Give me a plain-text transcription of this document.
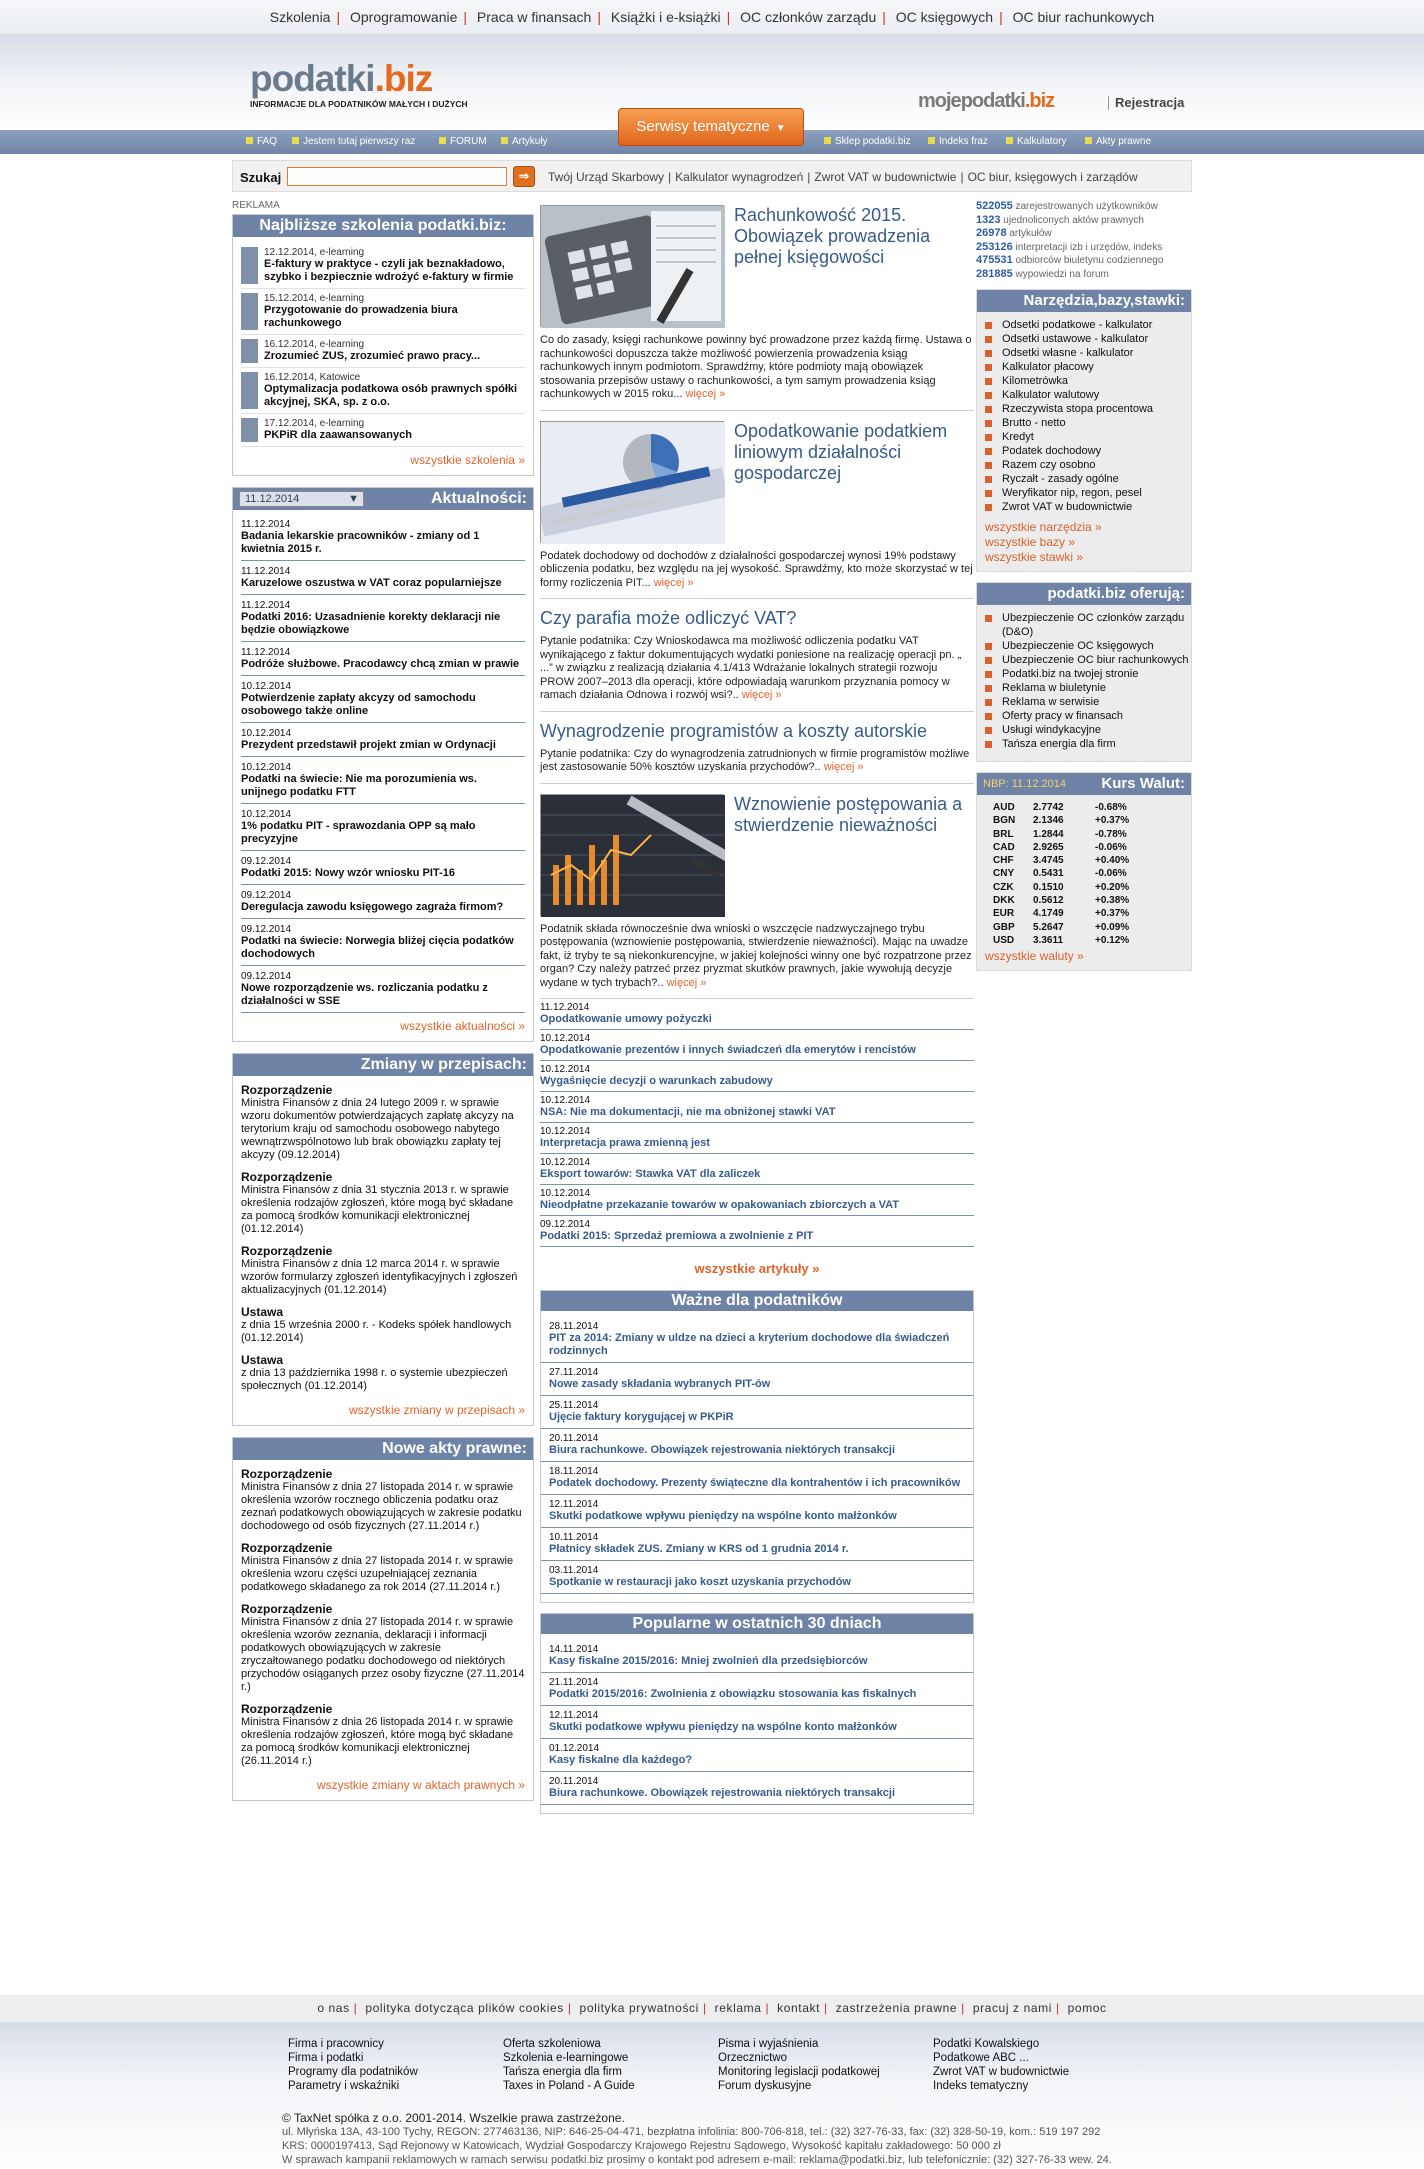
Szkolenia | Oprogramowanie | Praca w finansach | Książki i e-książki | OC członków zarządu | OC księgowych | OC biur rachunkowych
podatki.biz
INFORMACJE DLA PODATNIKÓW MAŁYCH I DUŻYCH	mojepodatki.biz	Rejestracja
Serwisy tematyczne ▼
FAQ	Jestem tutaj pierwszy raz	FORUM	Artykuły	Sklep podatki.biz	Indeks fraz	Kalkulatory	Akty prawne
Szukaj	⇒	Twój Urząd Skarbowy | Kalkulator wynagrodzeń | Zwrot VAT w budownictwie | OC biur, księgowych i zarządów
REKLAMA
Najbliższe szkolenia podatki.biz:
12.12.2014, e-learning
E-faktury w praktyce - czyli jak beznakładowo, szybko i bezpiecznie wdrożyć e-faktury w firmie
15.12.2014, e-learning
Przygotowanie do prowadzenia biura rachunkowego
16.12.2014, e-learning
Zrozumieć ZUS, zrozumieć prawo pracy...
16.12.2014, Katowice
Optymalizacja podatkowa osób prawnych spółki akcyjnej, SKA, sp. z o.o.
17.12.2014, e-learning
PKPiR dla zaawansowanych
wszystkie szkolenia »
11.12.2014	▼	Aktualności:
11.12.2014
Badania lekarskie pracowników - zmiany od 1 kwietnia 2015 r.
11.12.2014
Karuzelowe oszustwa w VAT coraz popularniejsze
11.12.2014
Podatki 2016: Uzasadnienie korekty deklaracji nie będzie obowiązkowe
11.12.2014
Podróże służbowe. Pracodawcy chcą zmian w prawie
10.12.2014
Potwierdzenie zapłaty akcyzy od samochodu osobowego także online
10.12.2014
Prezydent przedstawił projekt zmian w Ordynacji
10.12.2014
Podatki na świecie: Nie ma porozumienia ws. unijnego podatku FTT
10.12.2014
1% podatku PIT - sprawozdania OPP są mało precyzyjne
09.12.2014
Podatki 2015: Nowy wzór wniosku PIT-16
09.12.2014
Deregulacja zawodu księgowego zagraża firmom?
09.12.2014
Podatki na świecie: Norwegia bliżej cięcia podatków dochodowych
09.12.2014
Nowe rozporządzenie ws. rozliczania podatku z działalności w SSE
wszystkie aktualności »
Zmiany w przepisach:
Rozporządzenie
Ministra Finansów z dnia 24 lutego 2009 r. w sprawie wzoru dokumentów potwierdzających zapłatę akcyzy na terytorium kraju od samochodu osobowego nabytego wewnątrzwspólnotowo lub brak obowiązku zapłaty tej akcyzy (09.12.2014)
Rozporządzenie
Ministra Finansów z dnia 31 stycznia 2013 r. w sprawie określenia rodzajów zgłoszeń, które mogą być składane za pomocą środków komunikacji elektronicznej (01.12.2014)
Rozporządzenie
Ministra Finansów z dnia 12 marca 2014 r. w sprawie wzorów formularzy zgłoszeń identyfikacyjnych i zgłoszeń aktualizacyjnych (01.12.2014)
Ustawa
z dnia 15 września 2000 r. - Kodeks spółek handlowych (01.12.2014)
Ustawa
z dnia 13 października 1998 r. o systemie ubezpieczeń społecznych (01.12.2014)
wszystkie zmiany w przepisach »
Nowe akty prawne:
Rozporządzenie
Ministra Finansów z dnia 27 listopada 2014 r. w sprawie określenia wzorów rocznego obliczenia podatku oraz zeznań podatkowych obowiązujących w zakresie podatku dochodowego od osób fizycznych (27.11.2014 r.)
Rozporządzenie
Ministra Finansów z dnia 27 listopada 2014 r. w sprawie określenia wzoru części uzupełniającej zeznania podatkowego składanego za rok 2014 (27.11.2014 r.)
Rozporządzenie
Ministra Finansów z dnia 27 listopada 2014 r. w sprawie określenia wzorów zeznania, deklaracji i informacji podatkowych obowiązujących w zakresie zryczałtowanego podatku dochodowego od niektórych przychodów osiąganych przez osoby fizyczne (27.11.2014 r.)
Rozporządzenie
Ministra Finansów z dnia 26 listopada 2014 r. w sprawie określenia rodzajów zgłoszeń, które mogą być składane za pomocą środków komunikacji elektronicznej (26.11.2014 r.)
wszystkie zmiany w aktach prawnych »
Rachunkowość 2015. Obowiązek prowadzenia pełnej księgowości
Co do zasady, księgi rachunkowe powinny być prowadzone przez każdą firmę. Ustawa o rachunkowości dopuszcza także możliwość powierzenia prowadzenia ksiąg rachunkowych innym podmiotom. Sprawdźmy, które podmioty mają obowiązek stosowania przepisów ustawy o rachunkowości, a tym samym prowadzenia ksiąg rachunkowych w 2015 roku... więcej »
Opodatkowanie podatkiem liniowym działalności gospodarczej
Podatek dochodowy od dochodów z działalności gospodarczej wynosi 19% podstawy obliczenia podatku, bez względu na jej wysokość. Sprawdźmy, kto może skorzystać w tej formy rozliczenia PIT... więcej »
Czy parafia może odliczyć VAT?
Pytanie podatnika: Czy Wnioskodawca ma możliwość odliczenia podatku VAT wynikającego z faktur dokumentujących wydatki poniesione na realizację operacji pn. „ ...” w związku z realizacją działania 4.1/413 Wdrażanie lokalnych strategii rozwoju PROW 2007–2013 dla operacji, które odpowiadają warunkom przyznania pomocy w ramach działania Odnowa i rozwój wsi?.. więcej »
Wynagrodzenie programistów a koszty autorskie
Pytanie podatnika: Czy do wynagrodzenia zatrudnionych w firmie programistów możliwe jest zastosowanie 50% kosztów uzyskania przychodów?.. więcej »
Wznowienie postępowania a stwierdzenie nieważności
Podatnik składa równocześnie dwa wnioski o wszczęcie nadzwyczajnego trybu postępowania (wznowienie postępowania, stwierdzenie nieważności). Mając na uwadze fakt, iż tryby te są niekonkurencyjne, w jakiej kolejności winny one być rozpatrzone przez organ? Czy należy patrzeć przez pryzmat skutków prawnych, jakie wywołują decyzje wydane w tych trybach?.. więcej »
11.12.2014
Opodatkowanie umowy pożyczki
10.12.2014
Opodatkowanie prezentów i innych świadczeń dla emerytów i rencistów
10.12.2014
Wygaśnięcie decyzji o warunkach zabudowy
10.12.2014
NSA: Nie ma dokumentacji, nie ma obniżonej stawki VAT
10.12.2014
Interpretacja prawa zmienną jest
10.12.2014
Eksport towarów: Stawka VAT dla zaliczek
10.12.2014
Nieodpłatne przekazanie towarów w opakowaniach zbiorczych a VAT
09.12.2014
Podatki 2015: Sprzedaż premiowa a zwolnienie z PIT
wszystkie artykuły »
Ważne dla podatników
28.11.2014
PIT za 2014: Zmiany w uldze na dzieci a kryterium dochodowe dla świadczeń rodzinnych
27.11.2014
Nowe zasady składania wybranych PIT-ów
25.11.2014
Ujęcie faktury korygującej w PKPiR
20.11.2014
Biura rachunkowe. Obowiązek rejestrowania niektórych transakcji
18.11.2014
Podatek dochodowy. Prezenty świąteczne dla kontrahentów i ich pracowników
12.11.2014
Skutki podatkowe wpływu pieniędzy na wspólne konto małżonków
10.11.2014
Płatnicy składek ZUS. Zmiany w KRS od 1 grudnia 2014 r.
03.11.2014
Spotkanie w restauracji jako koszt uzyskania przychodów
Popularne w ostatnich 30 dniach
14.11.2014
Kasy fiskalne 2015/2016: Mniej zwolnień dla przedsiębiorców
21.11.2014
Podatki 2015/2016: Zwolnienia z obowiązku stosowania kas fiskalnych
12.11.2014
Skutki podatkowe wpływu pieniędzy na wspólne konto małżonków
01.12.2014
Kasy fiskalne dla każdego?
20.11.2014
Biura rachunkowe. Obowiązek rejestrowania niektórych transakcji
522055 zarejestrowanych użytkowników
1323 ujednoliconych aktów prawnych
26978 artykułów
253126 interpretacji izb i urzędów, indeks
475531 odbiorców biuletynu codziennego
281885 wypowiedzi na forum
Narzędzia,bazy,stawki:
Odsetki podatkowe - kalkulator
Odsetki ustawowe - kalkulator
Odsetki własne - kalkulator
Kalkulator płacowy
Kilometrówka
Kalkulator walutowy
Rzeczywista stopa procentowa
Brutto - netto
Kredyt
Podatek dochodowy
Razem czy osobno
Ryczałt - zasady ogólne
Weryfikator nip, regon, pesel
Zwrot VAT w budownictwie
wszystkie narzędzia »
wszystkie bazy »
wszystkie stawki »
podatki.biz oferują:
Ubezpieczenie OC członków zarządu (D&O)
Ubezpieczenie OC księgowych
Ubezpieczenie OC biur rachunkowych
Podatki.biz na twojej stronie
Reklama w biuletynie
Reklama w serwisie
Oferty pracy w finansach
Usługi windykacyjne
Tańsza energia dla firm
NBP: 11.12.2014 Kurs Walut:
AUD	2.7742	-0.68%
BGN	2.1346	+0.37%
BRL	1.2844	-0.78%
CAD	2.9265	-0.06%
CHF	3.4745	+0.40%
CNY	0.5431	-0.06%
CZK	0.1510	+0.20%
DKK	0.5612	+0.38%
EUR	4.1749	+0.37%
GBP	5.2647	+0.09%
USD	3.3611	+0.12%
wszystkie waluty »
o nas | polityka dotycząca plików cookies | polityka prywatności | reklama | kontakt | zastrzeżenia prawne | pracuj z nami | pomoc
Firma i pracownicy
Firma i podatki
Programy dla podatników
Parametry i wskaźniki
Oferta szkoleniowa
Szkolenia e-learningowe
Tańsza energia dla firm
Taxes in Poland - A Guide
Pisma i wyjaśnienia
Orzecznictwo
Monitoring legislacji podatkowej
Forum dyskusyjne
Podatki Kowalskiego
Podatkowe ABC ...
Zwrot VAT w budownictwie
Indeks tematyczny
© TaxNet spółka z o.o. 2001-2014. Wszelkie prawa zastrzeżone.
ul. Młyńska 13A, 43-100 Tychy, REGON: 277463136, NIP: 646-25-04-471, bezpłatna infolinia: 800-706-818, tel.: (32) 327-76-33, fax: (32) 328-50-19, kom.: 519 197 292
KRS: 0000197413, Sąd Rejonowy w Katowicach, Wydział Gospodarczy Krajowego Rejestru Sądowego, Wysokość kapitału zakładowego: 50 000 zł
W sprawach kampanii reklamowych w ramach serwisu podatki.biz prosimy o kontakt pod adresem e-mail: reklama@podatki.biz, lub telefonicznie: (32) 327-76-33 wew. 24.
